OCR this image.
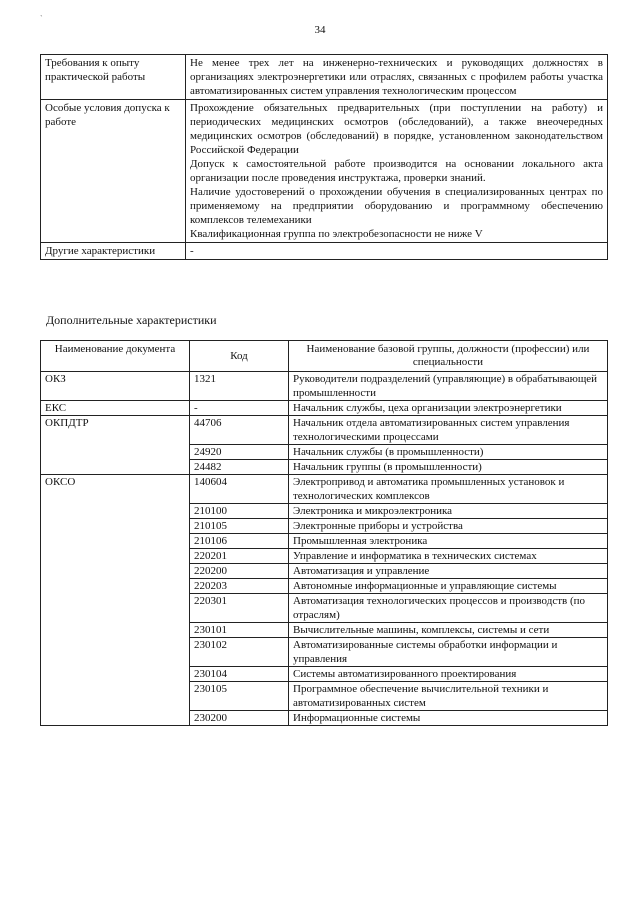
`
34
Требования к опыту практической работы	Не менее трех лет на инженерно-технических и руководящих должностях в организациях электроэнергетики или отраслях, связанных с профилем работы участка автоматизированных систем управления технологическим процессом

Особые условия допуска к работе	Прохождение обязательных предварительных (при поступлении на работу) и периодических медицинских осмотров (обследований), а также внеочередных медицинских осмотров (обследований) в порядке, установленном законодательством Российской Федерации

Допуск к самостоятельной работе производится на основании локального акта организации после проведения инструктажа, проверки знаний.

Наличие удостоверений о прохождении обучения в специализированных центрах по применяемому на предприятии оборудованию и программному обеспечению комплексов телемеханики

Квалификационная группа по электробезопасности не ниже V

Другие характеристики	-

Дополнительные характеристики
Наименование документа	Код	Наименование базовой группы, должности (профессии) или специальности
ОКЗ	1321	Руководители подразделений (управляющие) в обрабатывающей промышленности
ЕКС	-	Начальник службы, цеха организации электроэнергетики
ОКПДТР	44706	Начальник отдела автоматизированных систем управления технологическими процессами
	24920	Начальник службы (в промышленности)
	24482	Начальник группы (в промышленности)
ОКСО	140604	Электропривод и автоматика промышленных установок и технологических комплексов
	210100	Электроника и микроэлектроника
	210105	Электронные приборы и устройства
	210106	Промышленная электроника
	220201	Управление и информатика в технических системах
	220200	Автоматизация и управление
	220203	Автономные информационные и управляющие системы
	220301	Автоматизация технологических процессов и производств (по отраслям)
	230101	Вычислительные машины, комплексы, системы и сети
	230102	Автоматизированные системы обработки информации и управления
	230104	Системы автоматизированного проектирования
	230105	Программное обеспечение вычислительной техники и автоматизированных систем
	230200	Информационные системы
